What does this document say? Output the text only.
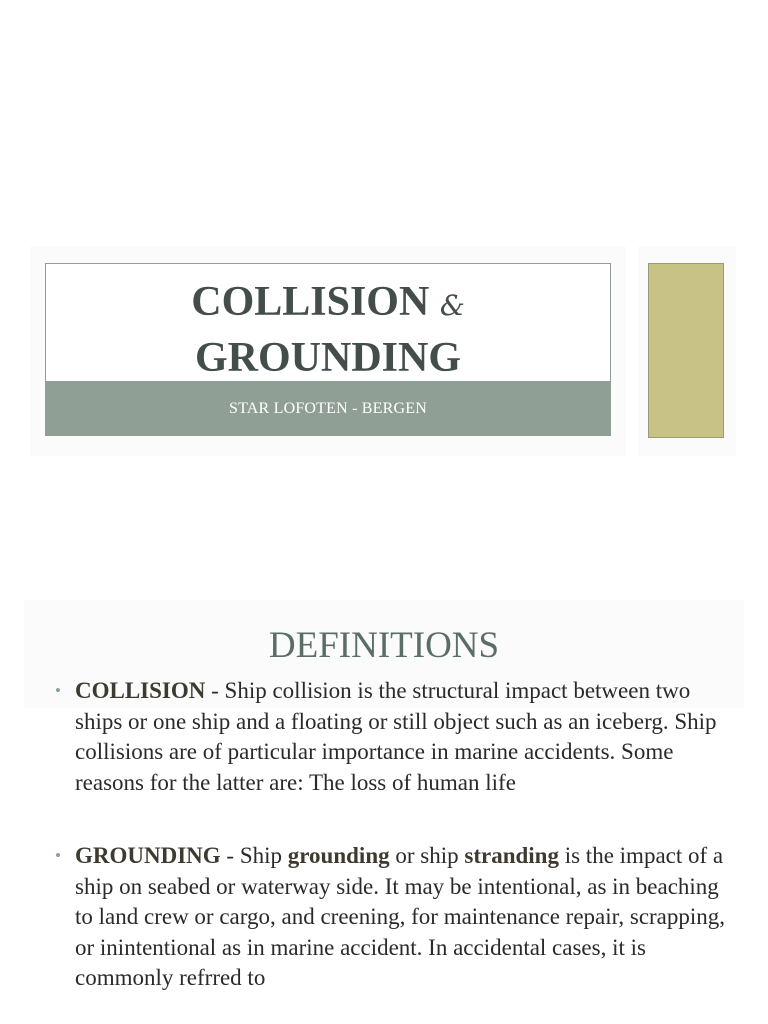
COLLISION &
GROUNDING
STAR LOFOTEN - BERGEN
DEFINITIONS
• COLLISION - Ship collision is the structural impact between two ships or one ship and a floating or still object such as an iceberg. Ship collisions are of particular importance in marine accidents. Some reasons for the latter are: The loss of human life
• GROUNDING - Ship grounding or ship stranding is the impact of a ship on seabed or waterway side. It may be intentional, as in beaching to land crew or cargo, and creening, for maintenance repair, scrapping, or inintentional as in marine accident. In accidental cases, it is commonly refrred to
